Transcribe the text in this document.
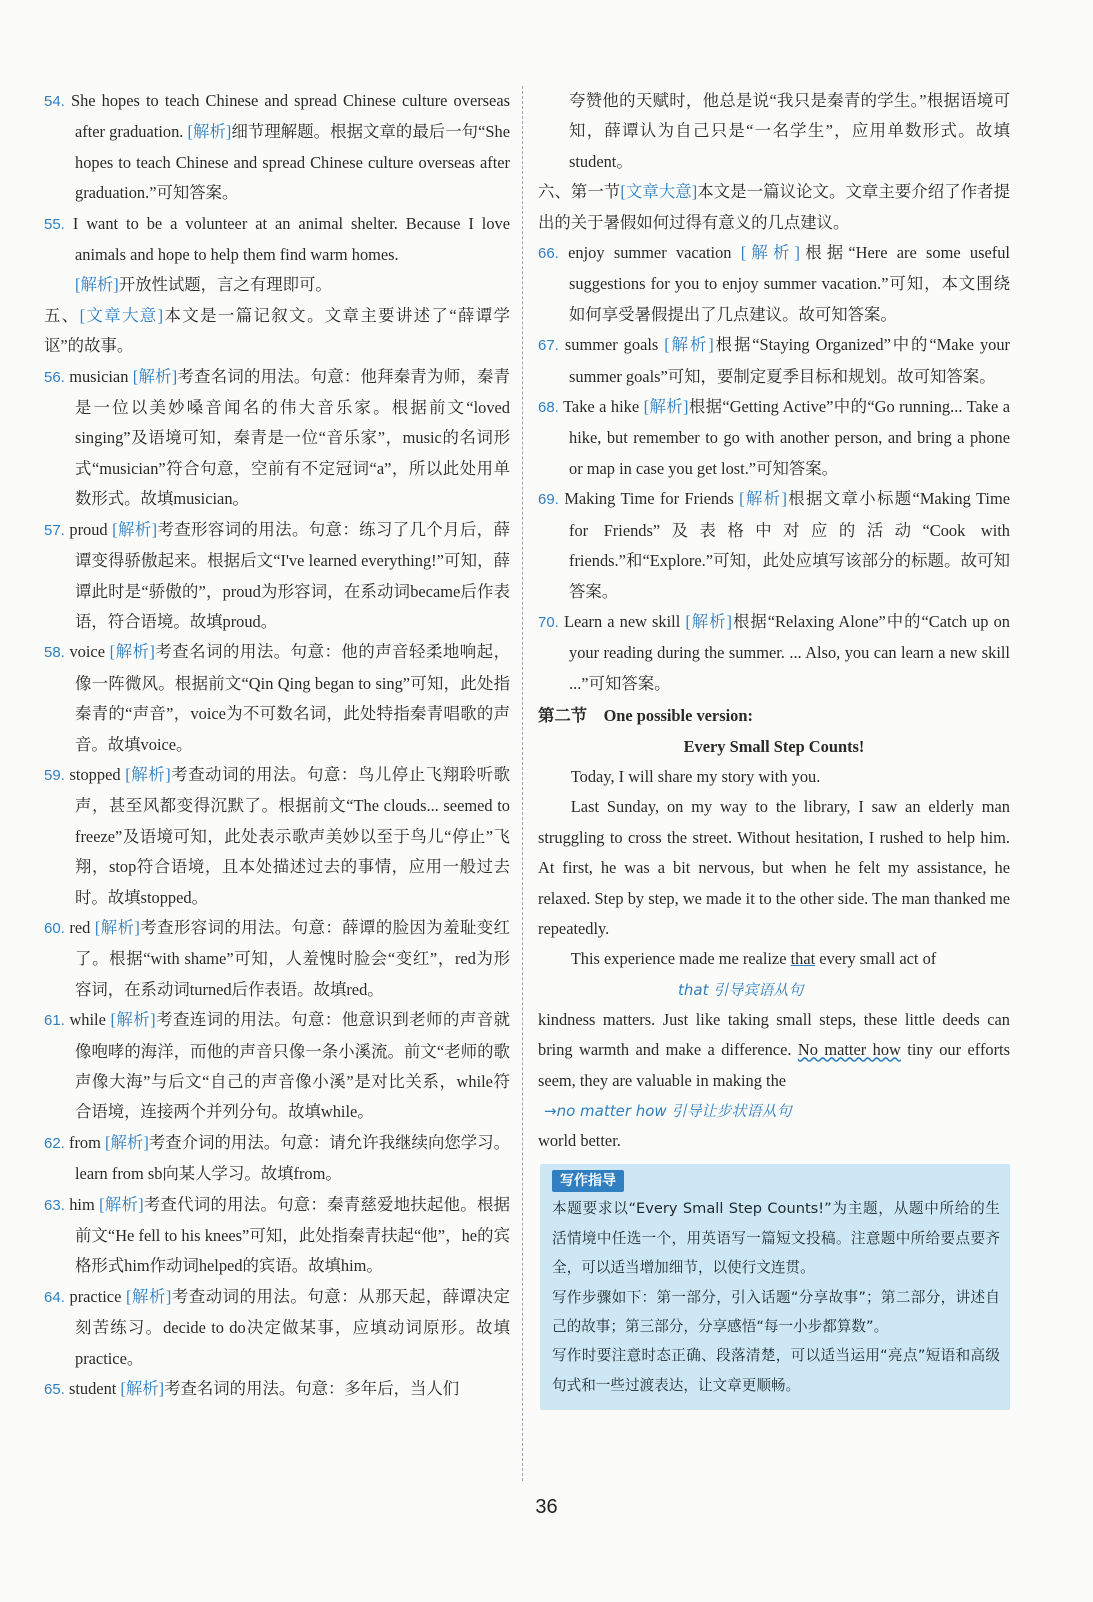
54. She hopes to teach Chinese and spread Chinese culture overseas after graduation. [解析]细节理解题。根据文章的最后一句“She hopes to teach Chinese and spread Chinese culture overseas after graduation.”可知答案。

55. I want to be a volunteer at an animal shelter. Because I love animals and hope to help them find warm homes.

[解析]开放性试题，言之有理即可。

五、[文章大意]本文是一篇记叙文。文章主要讲述了“薛谭学讴”的故事。

56. musician [解析]考查名词的用法。句意：他拜秦青为师，秦青是一位以美妙嗓音闻名的伟大音乐家。根据前文“loved singing”及语境可知，秦青是一位“音乐家”，music的名词形式“musician”符合句意，空前有不定冠词“a”，所以此处用单数形式。故填musician。

57. proud [解析]考查形容词的用法。句意：练习了几个月后，薛谭变得骄傲起来。根据后文“I've learned everything!”可知，薛谭此时是“骄傲的”，proud为形容词，在系动词became后作表语，符合语境。故填proud。

58. voice [解析]考查名词的用法。句意：他的声音轻柔地响起，像一阵微风。根据前文“Qin Qing began to sing”可知，此处指秦青的“声音”，voice为不可数名词，此处特指秦青唱歌的声音。故填voice。

59. stopped [解析]考查动词的用法。句意：鸟儿停止飞翔聆听歌声，甚至风都变得沉默了。根据前文“The clouds... seemed to freeze”及语境可知，此处表示歌声美妙以至于鸟儿“停止”飞翔，stop符合语境，且本处描述过去的事情，应用一般过去时。故填stopped。

60. red [解析]考查形容词的用法。句意：薛谭的脸因为羞耻变红了。根据“with shame”可知，人羞愧时脸会“变红”，red为形容词，在系动词turned后作表语。故填red。

61. while [解析]考查连词的用法。句意：他意识到老师的声音就像咆哮的海洋，而他的声音只像一条小溪流。前文“老师的歌声像大海”与后文“自己的声音像小溪”是对比关系，while符合语境，连接两个并列分句。故填while。

62. from [解析]考查介词的用法。句意：请允许我继续向您学习。learn from sb向某人学习。故填from。

63. him [解析]考查代词的用法。句意：秦青慈爱地扶起他。根据前文“He fell to his knees”可知，此处指秦青扶起“他”，he的宾格形式him作动词helped的宾语。故填him。

64. practice [解析]考查动词的用法。句意：从那天起，薛谭决定刻苦练习。decide to do决定做某事，应填动词原形。故填practice。

65. student [解析]考查名词的用法。句意：多年后，当人们

夸赞他的天赋时，他总是说“我只是秦青的学生。”根据语境可知，薛谭认为自己只是“一名学生”，应用单数形式。故填student。

六、第一节[文章大意]本文是一篇议论文。文章主要介绍了作者提出的关于暑假如何过得有意义的几点建议。

66. enjoy summer vacation [解析]根据“Here are some useful suggestions for you to enjoy summer vacation.”可知，本文围绕如何享受暑假提出了几点建议。故可知答案。

67. summer goals [解析]根据“Staying Organized”中的“Make your summer goals”可知，要制定夏季目标和规划。故可知答案。

68. Take a hike [解析]根据“Getting Active”中的“Go running... Take a hike, but remember to go with another person, and bring a phone or map in case you get lost.”可知答案。

69. Making Time for Friends [解析]根据文章小标题“Making Time for Friends”及表格中对应的活动“Cook with friends.”和“Explore.”可知，此处应填写该部分的标题。故可知答案。

70. Learn a new skill [解析]根据“Relaxing Alone”中的“Catch up on your reading during the summer. ... Also, you can learn a new skill ...”可知答案。

第二节 One possible version:

Every Small Step Counts!

Today, I will share my story with you.

Last Sunday, on my way to the library, I saw an elderly man struggling to cross the street. Without hesitation, I rushed to help him. At first, he was a bit nervous, but when he felt my assistance, he relaxed. Step by step, we made it to the other side. The man thanked me repeatedly.

This experience made me realize that every small act of

that 引导宾语从句

kindness matters. Just like taking small steps, these little deeds can bring warmth and make a difference. No matter how tiny our efforts seem, they are valuable in making the

→no matter how 引导让步状语从句

world better.

写作指导

本题要求以“Every Small Step Counts!”为主题，从题中所给的生活情境中任选一个，用英语写一篇短文投稿。注意题中所给要点要齐全，可以适当增加细节，以使行文连贯。

写作步骤如下：第一部分，引入话题“分享故事”；第二部分，讲述自己的故事；第三部分，分享感悟“每一小步都算数”。

写作时要注意时态正确、段落清楚，可以适当运用“亮点”短语和高级句式和一些过渡表达，让文章更顺畅。

36
